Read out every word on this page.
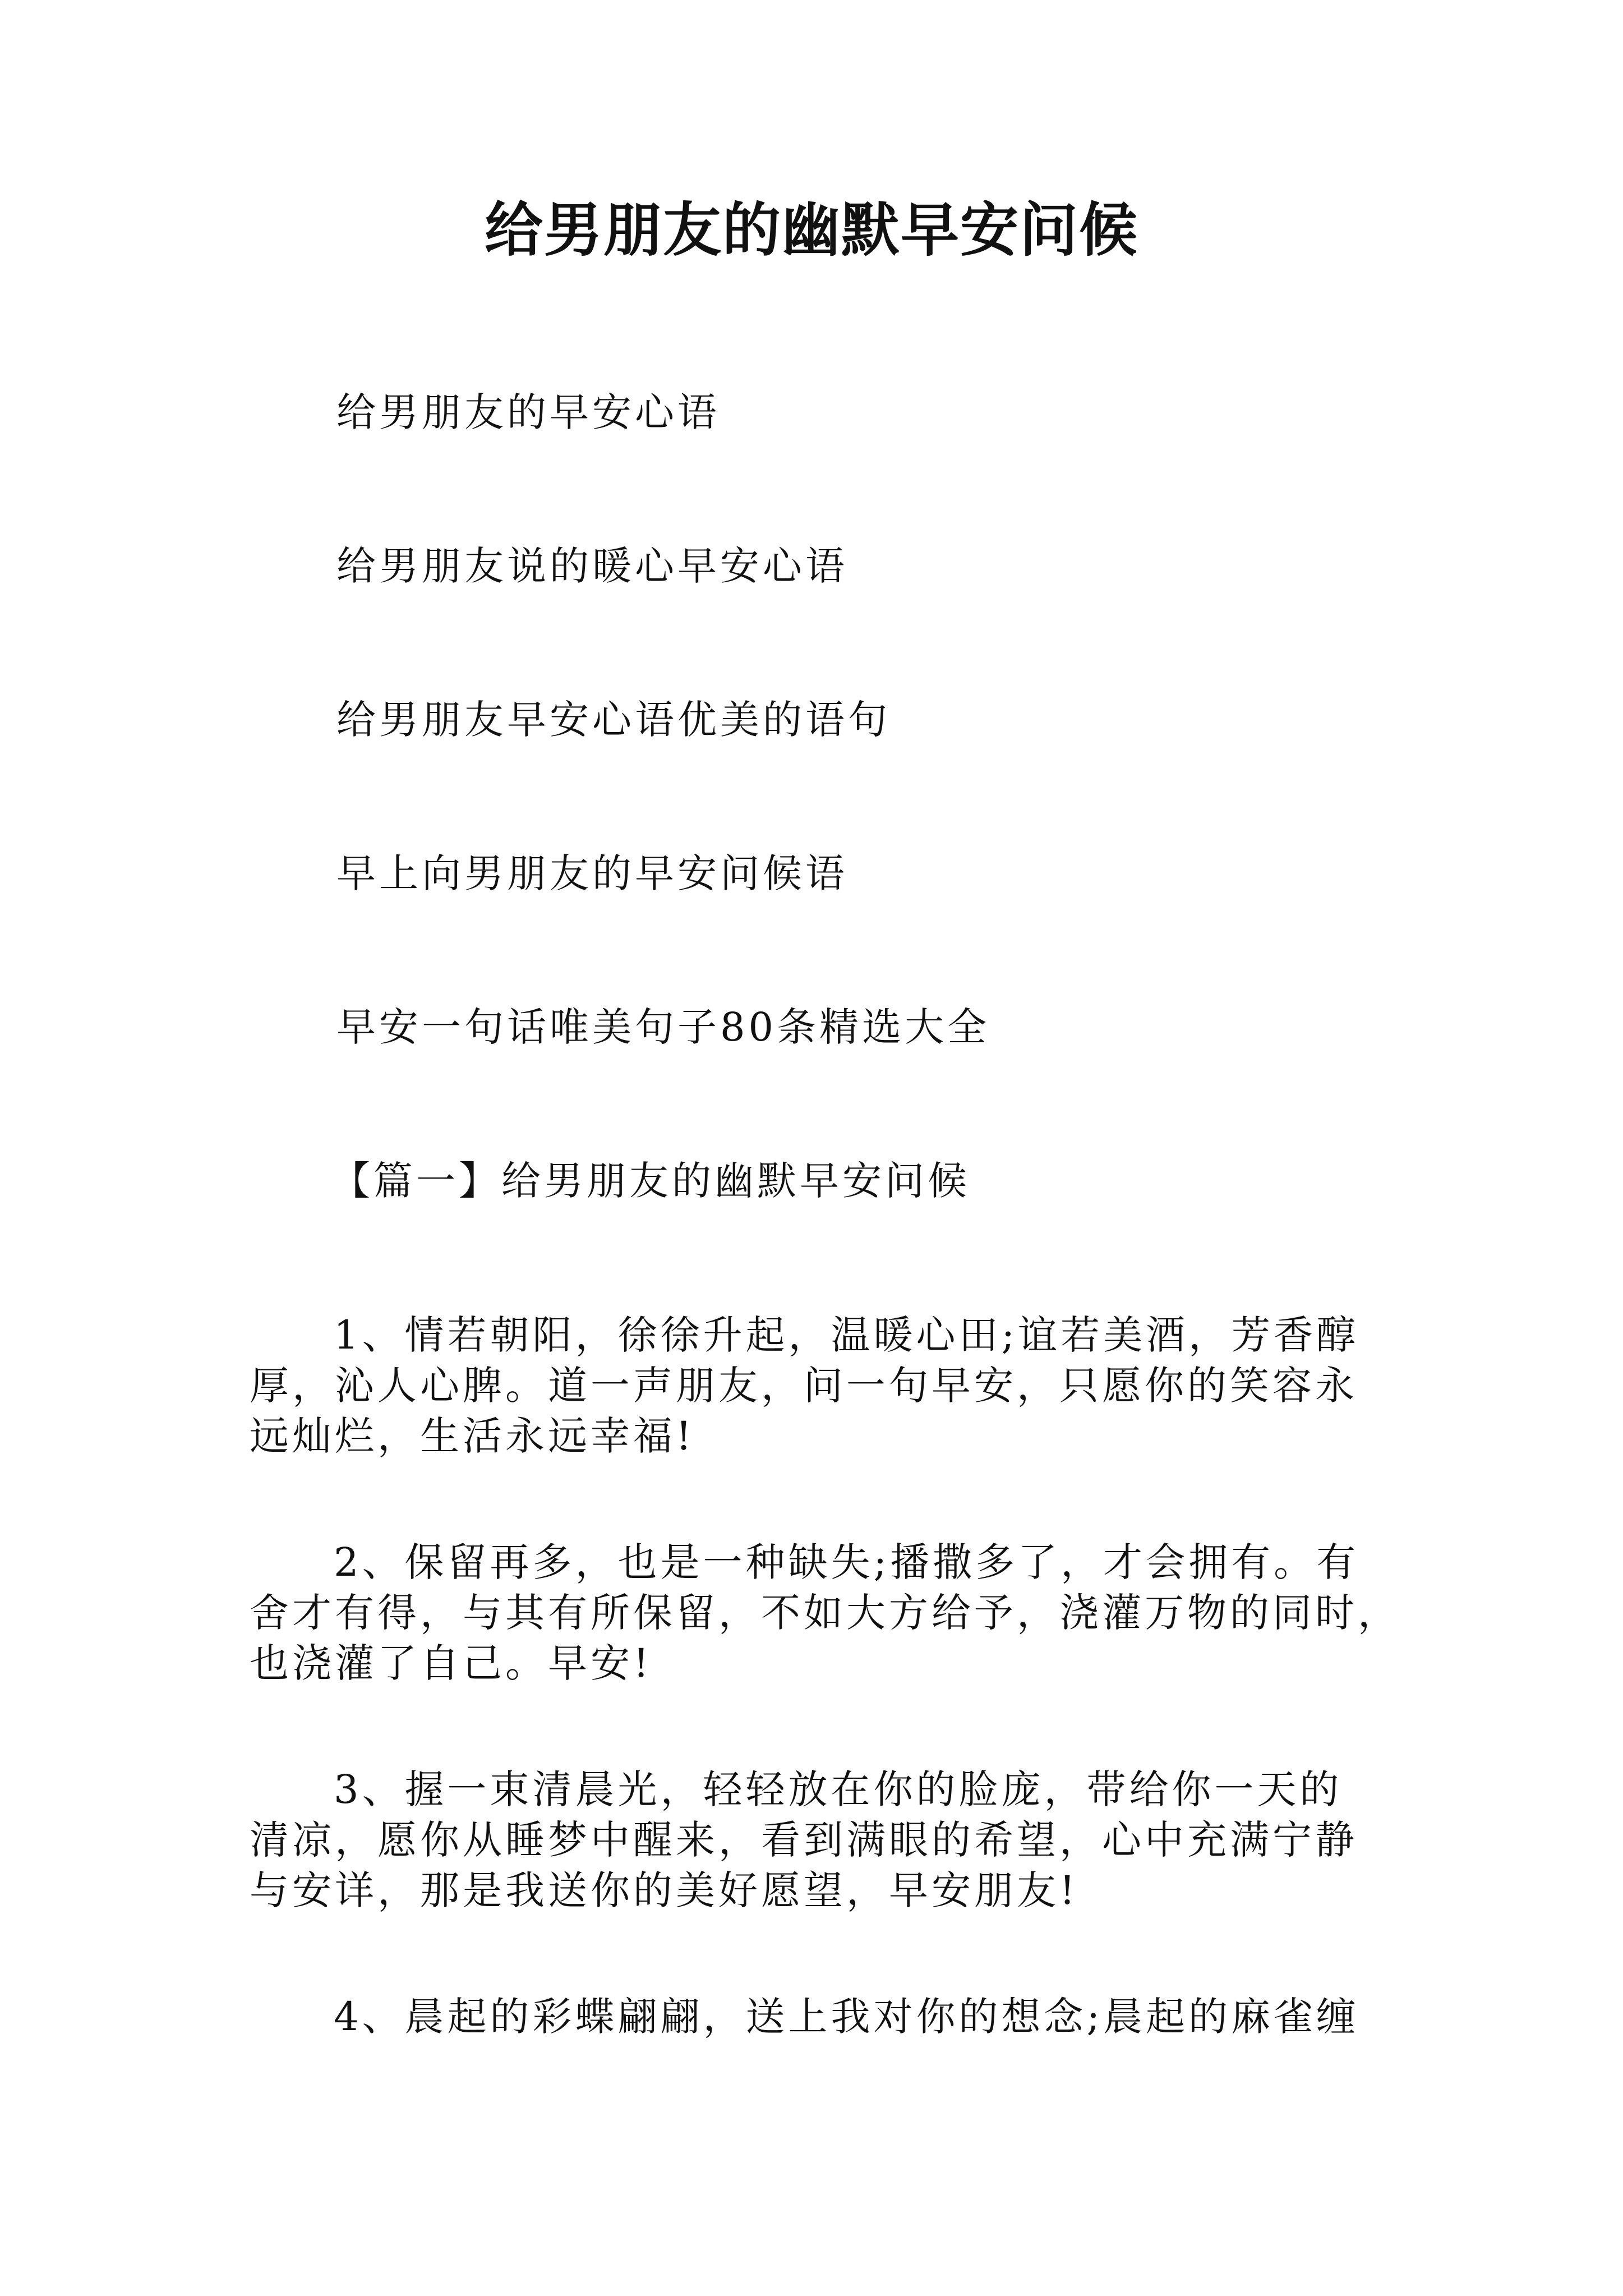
给男朋友的幽默早安问候
给男朋友的早安心语
给男朋友说的暖心早安心语
给男朋友早安心语优美的语句
早上向男朋友的早安问候语
早安一句话唯美句子80条精选大全
【篇一】给男朋友的幽默早安问候
1、情若朝阳，徐徐升起，温暖心田;谊若美酒，芳香醇
厚，沁人心脾。道一声朋友，问一句早安，只愿你的笑容永
远灿烂，生活永远幸福!
2、保留再多，也是一种缺失;播撒多了，才会拥有。有
舍才有得，与其有所保留，不如大方给予，浇灌万物的同时，
也浇灌了自己。早安!
3、握一束清晨光，轻轻放在你的脸庞，带给你一天的
清凉，愿你从睡梦中醒来，看到满眼的希望，心中充满宁静
与安详，那是我送你的美好愿望，早安朋友!
4、晨起的彩蝶翩翩，送上我对你的想念;晨起的麻雀缠
